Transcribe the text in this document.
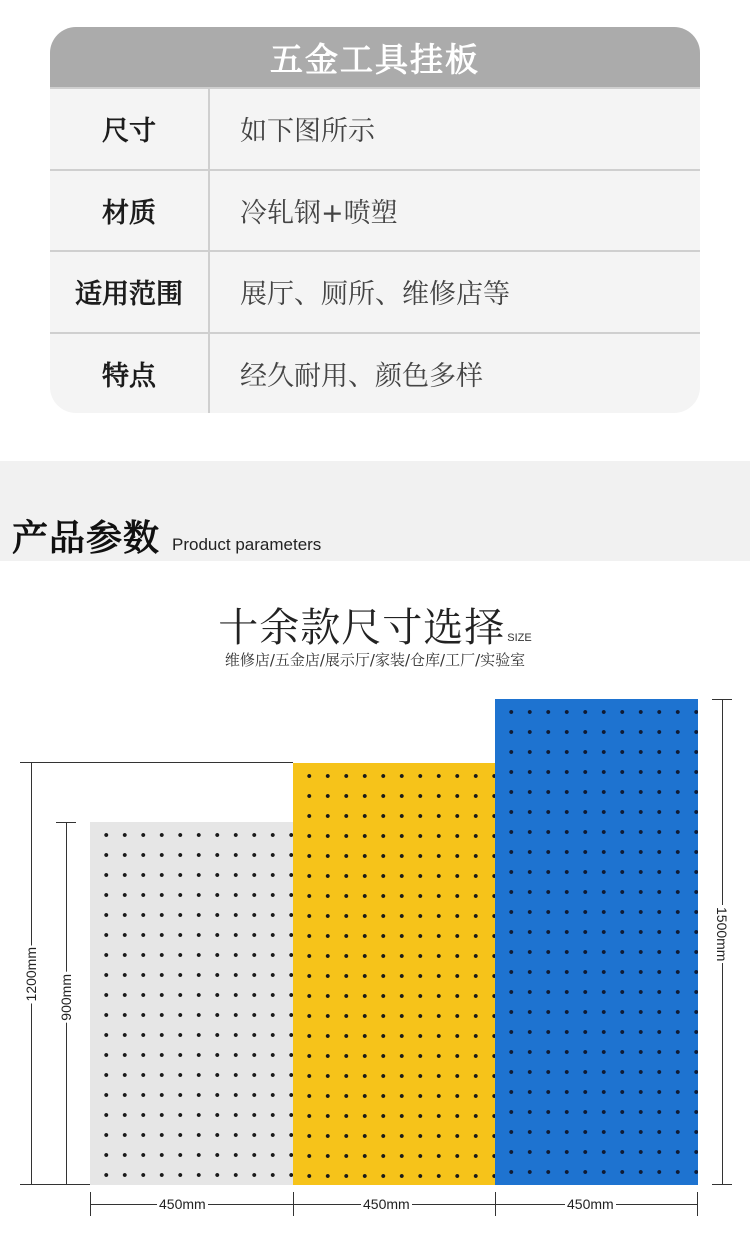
五金工具挂板
尺寸	如下图所示
材质	冷轧钢+喷塑
适用范围	展厅、厕所、维修店等
特点	经久耐用、颜色多样
产品参数 Product parameters
十余款尺寸选择 SIZE
维修店/五金店/展示厅/家装/仓库/工厂/实验室
1200mm 900mm
1500mm
450mm	450mm	450mm
